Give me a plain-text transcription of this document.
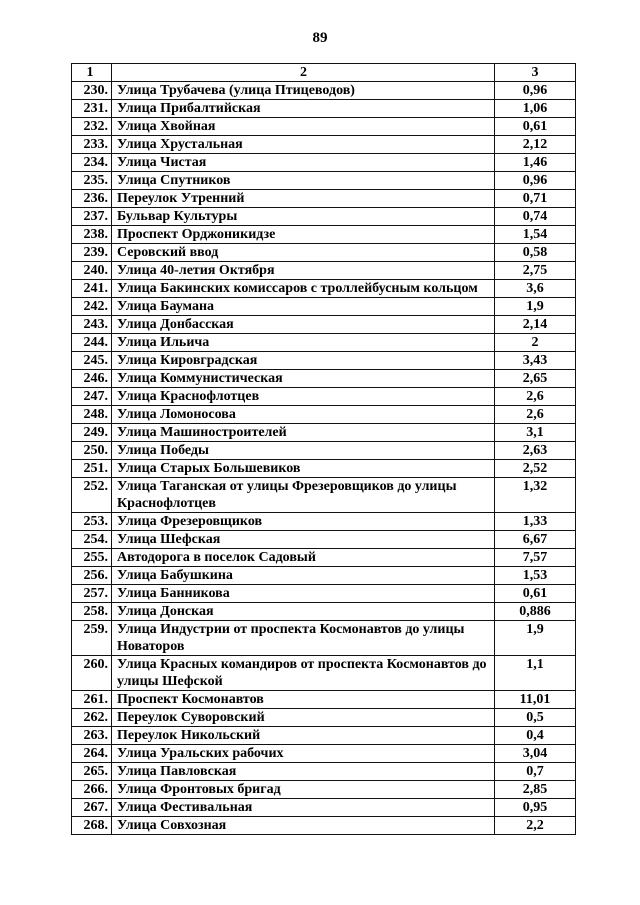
89
1	2	3
230.	Улица Трубачева (улица Птицеводов)	0,96
231.	Улица Прибалтийская	1,06
232.	Улица Хвойная	0,61
233.	Улица Хрустальная	2,12
234.	Улица Чистая	1,46
235.	Улица Спутников	0,96
236.	Переулок Утренний	0,71
237.	Бульвар Культуры	0,74
238.	Проспект Орджоникидзе	1,54
239.	Серовский ввод	0,58
240.	Улица 40-летия Октября	2,75
241.	Улица Бакинских комиссаров с троллейбусным кольцом	3,6
242.	Улица Баумана	1,9
243.	Улица Донбасская	2,14
244.	Улица Ильича	2
245.	Улица Кировградская	3,43
246.	Улица Коммунистическая	2,65
247.	Улица Краснофлотцев	2,6
248.	Улица Ломоносова	2,6
249.	Улица Машиностроителей	3,1
250.	Улица Победы	2,63
251.	Улица Старых Большевиков	2,52
252.	Улица Таганская от улицы Фрезеровщиков до улицы Краснофлотцев	1,32
253.	Улица Фрезеровщиков	1,33
254.	Улица Шефская	6,67
255.	Автодорога в поселок Садовый	7,57
256.	Улица Бабушкина	1,53
257.	Улица Банникова	0,61
258.	Улица Донская	0,886
259.	Улица Индустрии от проспекта Космонавтов до улицы Новаторов	1,9
260.	Улица Красных командиров от проспекта Космонавтов до улицы Шефской	1,1
261.	Проспект Космонавтов	11,01
262.	Переулок Суворовский	0,5
263.	Переулок Никольский	0,4
264.	Улица Уральских рабочих	3,04
265.	Улица Павловская	0,7
266.	Улица Фронтовых бригад	2,85
267.	Улица Фестивальная	0,95
268.	Улица Совхозная	2,2
